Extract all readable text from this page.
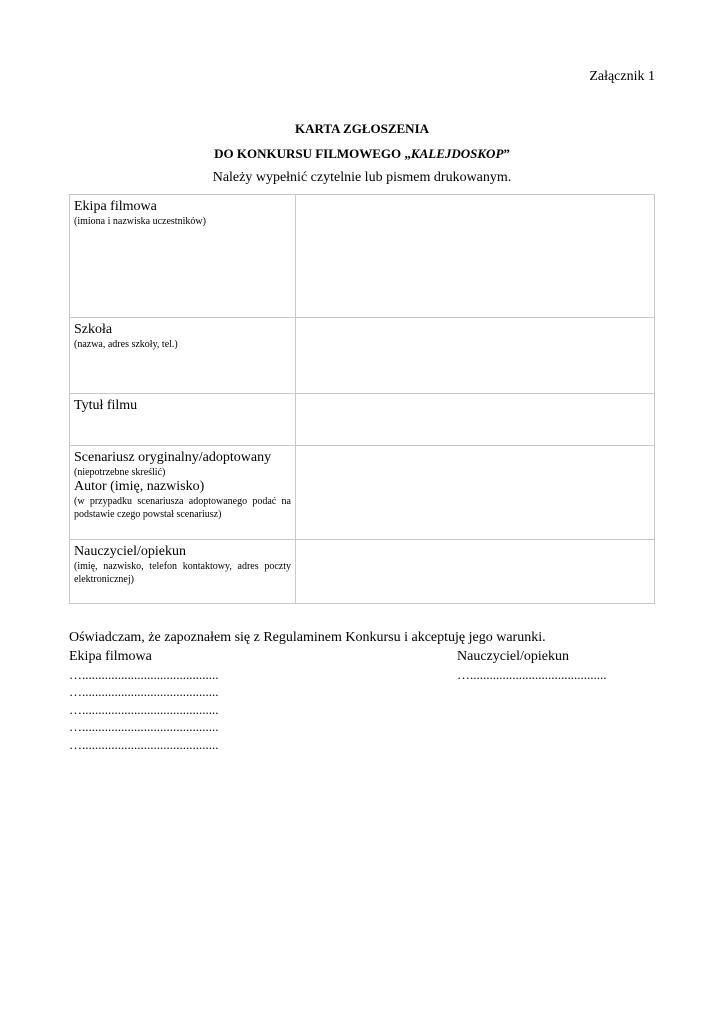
Załącznik 1
KARTA ZGŁOSZENIA
DO KONKURSU FILMOWEGO „KALEJDOSKOP”
Należy wypełnić czytelnie lub pismem drukowanym.
Ekipa filmowa
(imiona i nazwiska uczestników)	

Szkoła
(nazwa, adres szkoły, tel.)	

Tytuł filmu	

Scenariusz oryginalny/adoptowany
(niepotrzebne skreślić)
Autor (imię, nazwisko)
(w przypadku scenariusza adoptowanego podać na podstawie czego powstał scenariusz)	

Nauczyciel/opiekun
(imię, nazwisko, telefon kontaktowy, adres poczty elektronicznej)	

Oświadczam, że zapoznałem się z Regulaminem Konkursu i akceptuję jego warunki.
Ekipa filmowa
…..........................................
…..........................................
…..........................................
…..........................................
…..........................................
Nauczyciel/opiekun
…..........................................
